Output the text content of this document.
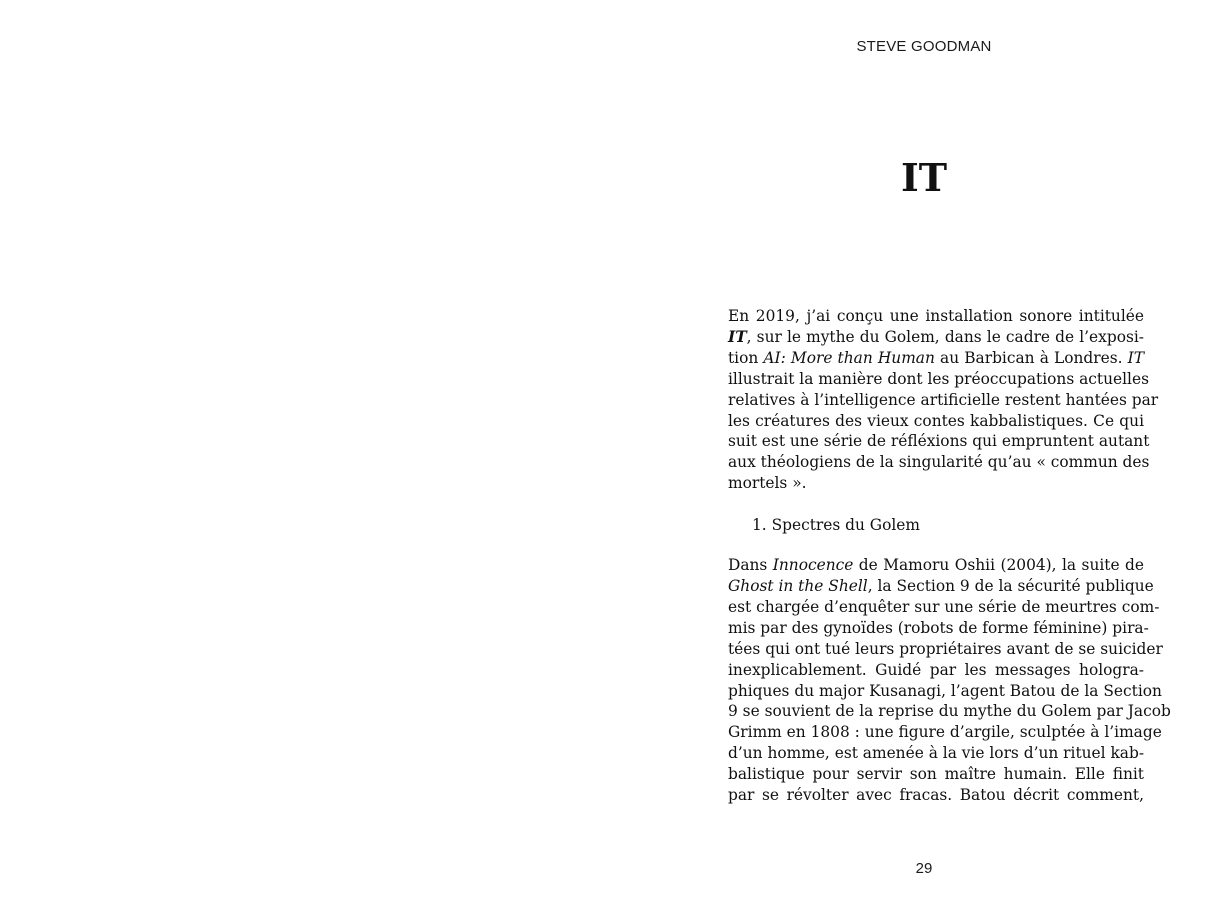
STEVE GOODMAN
IT
En 2019, j’ai conçu une installation sonore intitulée
IT, sur le mythe du Golem, dans le cadre de l’exposi-
tion AI: More than Human au Barbican à Londres. IT
illustrait la manière dont les préoccupations actuelles
relatives à l’intelligence artificielle restent hantées par
les créatures des vieux contes kabbalistiques. Ce qui
suit est une série de réfléxions qui empruntent autant
aux théologiens de la singularité qu’au « commun des
mortels ».
1. Spectres du Golem
Dans Innocence de Mamoru Oshii (2004), la suite de
Ghost in the Shell, la Section 9 de la sécurité publique
est chargée d’enquêter sur une série de meurtres com-
mis par des gynoïdes (robots de forme féminine) pira-
tées qui ont tué leurs propriétaires avant de se suicider
inexplicablement. Guidé par les messages hologra-
phiques du major Kusanagi, l’agent Batou de la Section
9 se souvient de la reprise du mythe du Golem par Jacob
Grimm en 1808 : une figure d’argile, sculptée à l’image
d’un homme, est amenée à la vie lors d’un rituel kab-
balistique pour servir son maître humain. Elle finit
par se révolter avec fracas. Batou décrit comment,
29
